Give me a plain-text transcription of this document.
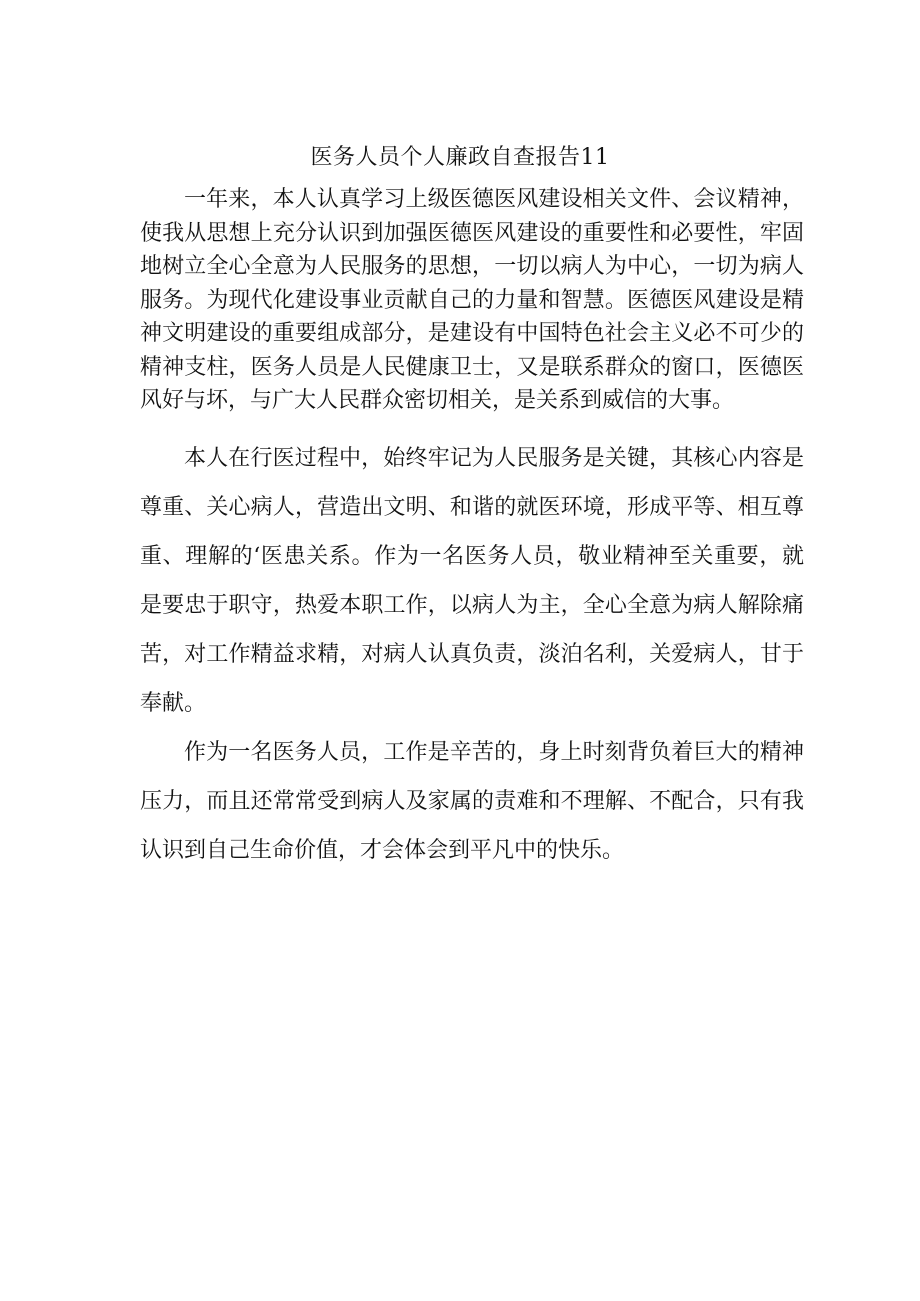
医务人员个人廉政自查报告11

一年来，本人认真学习上级医德医风建设相关文件、会议精神，使我从思想上充分认识到加强医德医风建设的重要性和必要性，牢固地树立全心全意为人民服务的思想，一切以病人为中心，一切为病人服务。为现代化建设事业贡献自己的力量和智慧。医德医风建设是精神文明建设的重要组成部分，是建设有中国特色社会主义必不可少的精神支柱，医务人员是人民健康卫士，又是联系群众的窗口，医德医风好与坏，与广大人民群众密切相关，是关系到威信的大事。

本人在行医过程中，始终牢记为人民服务是关键，其核心内容是尊重、关心病人，营造出文明、和谐的就医环境，形成平等、相互尊重、理解的‘医患关系。作为一名医务人员，敬业精神至关重要，就是要忠于职守，热爱本职工作，以病人为主，全心全意为病人解除痛苦，对工作精益求精，对病人认真负责，淡泊名利，关爱病人，甘于奉献。

作为一名医务人员，工作是辛苦的，身上时刻背负着巨大的精神压力，而且还常常受到病人及家属的责难和不理解、不配合，只有我认识到自己生命价值，才会体会到平凡中的快乐。
